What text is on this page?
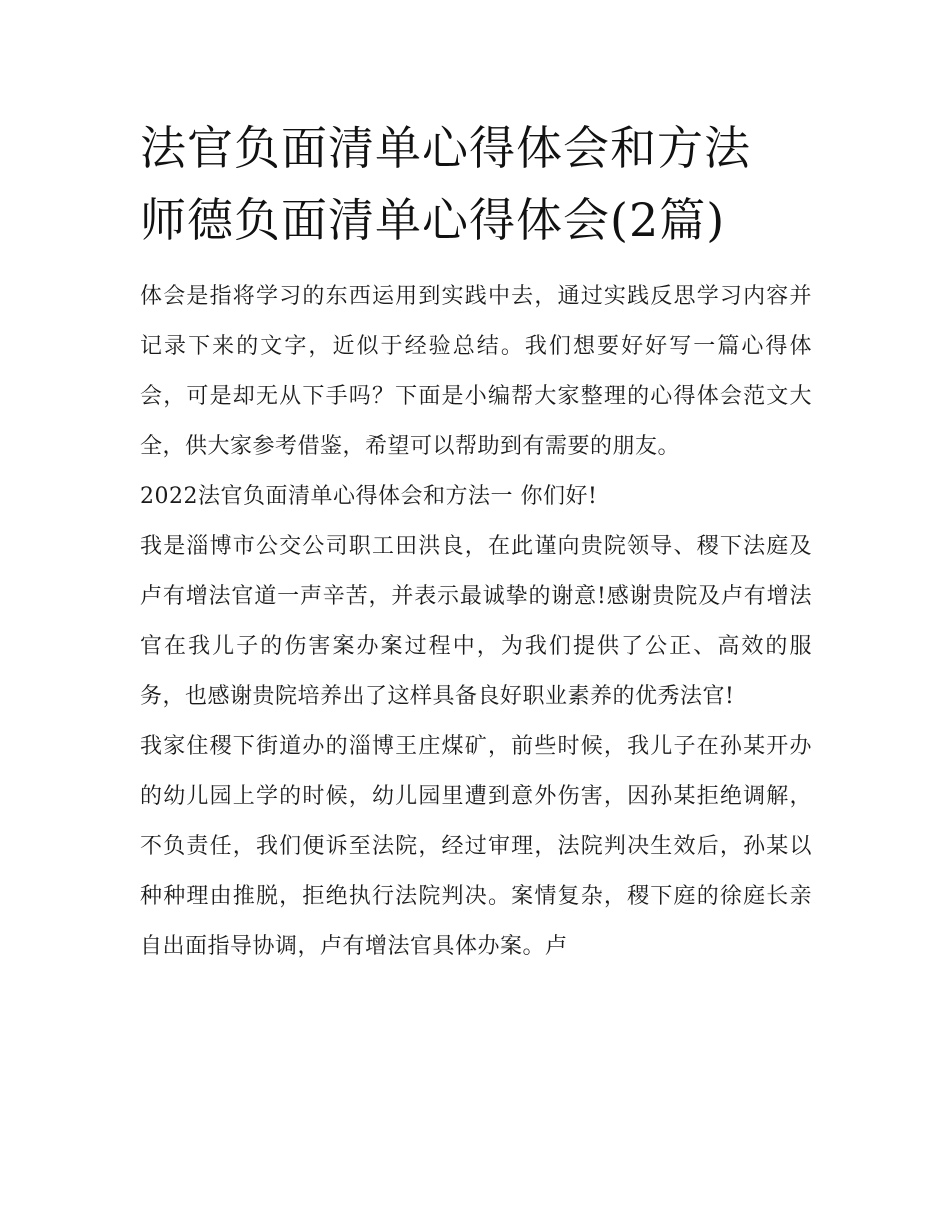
法官负面清单心得体会和方法
师德负面清单心得体会(2篇)

体会是指将学习的东西运用到实践中去，通过实践反思学习内容并记录下来的文字，近似于经验总结。我们想要好好写一篇心得体会，可是却无从下手吗？下面是小编帮大家整理的心得体会范文大全，供大家参考借鉴，希望可以帮助到有需要的朋友。

2022法官负面清单心得体会和方法一 你们好!

我是淄博市公交公司职工田洪良，在此谨向贵院领导、稷下法庭及卢有增法官道一声辛苦，并表示最诚挚的谢意!感谢贵院及卢有增法官在我儿子的伤害案办案过程中，为我们提供了公正、高效的服务，也感谢贵院培养出了这样具备良好职业素养的优秀法官!

我家住稷下街道办的淄博王庄煤矿，前些时候，我儿子在孙某开办的幼儿园上学的时候，幼儿园里遭到意外伤害，因孙某拒绝调解，不负责任，我们便诉至法院，经过审理，法院判决生效后，孙某以种种理由推脱，拒绝执行法院判决。案情复杂，稷下庭的徐庭长亲自出面指导协调，卢有增法官具体办案。卢
